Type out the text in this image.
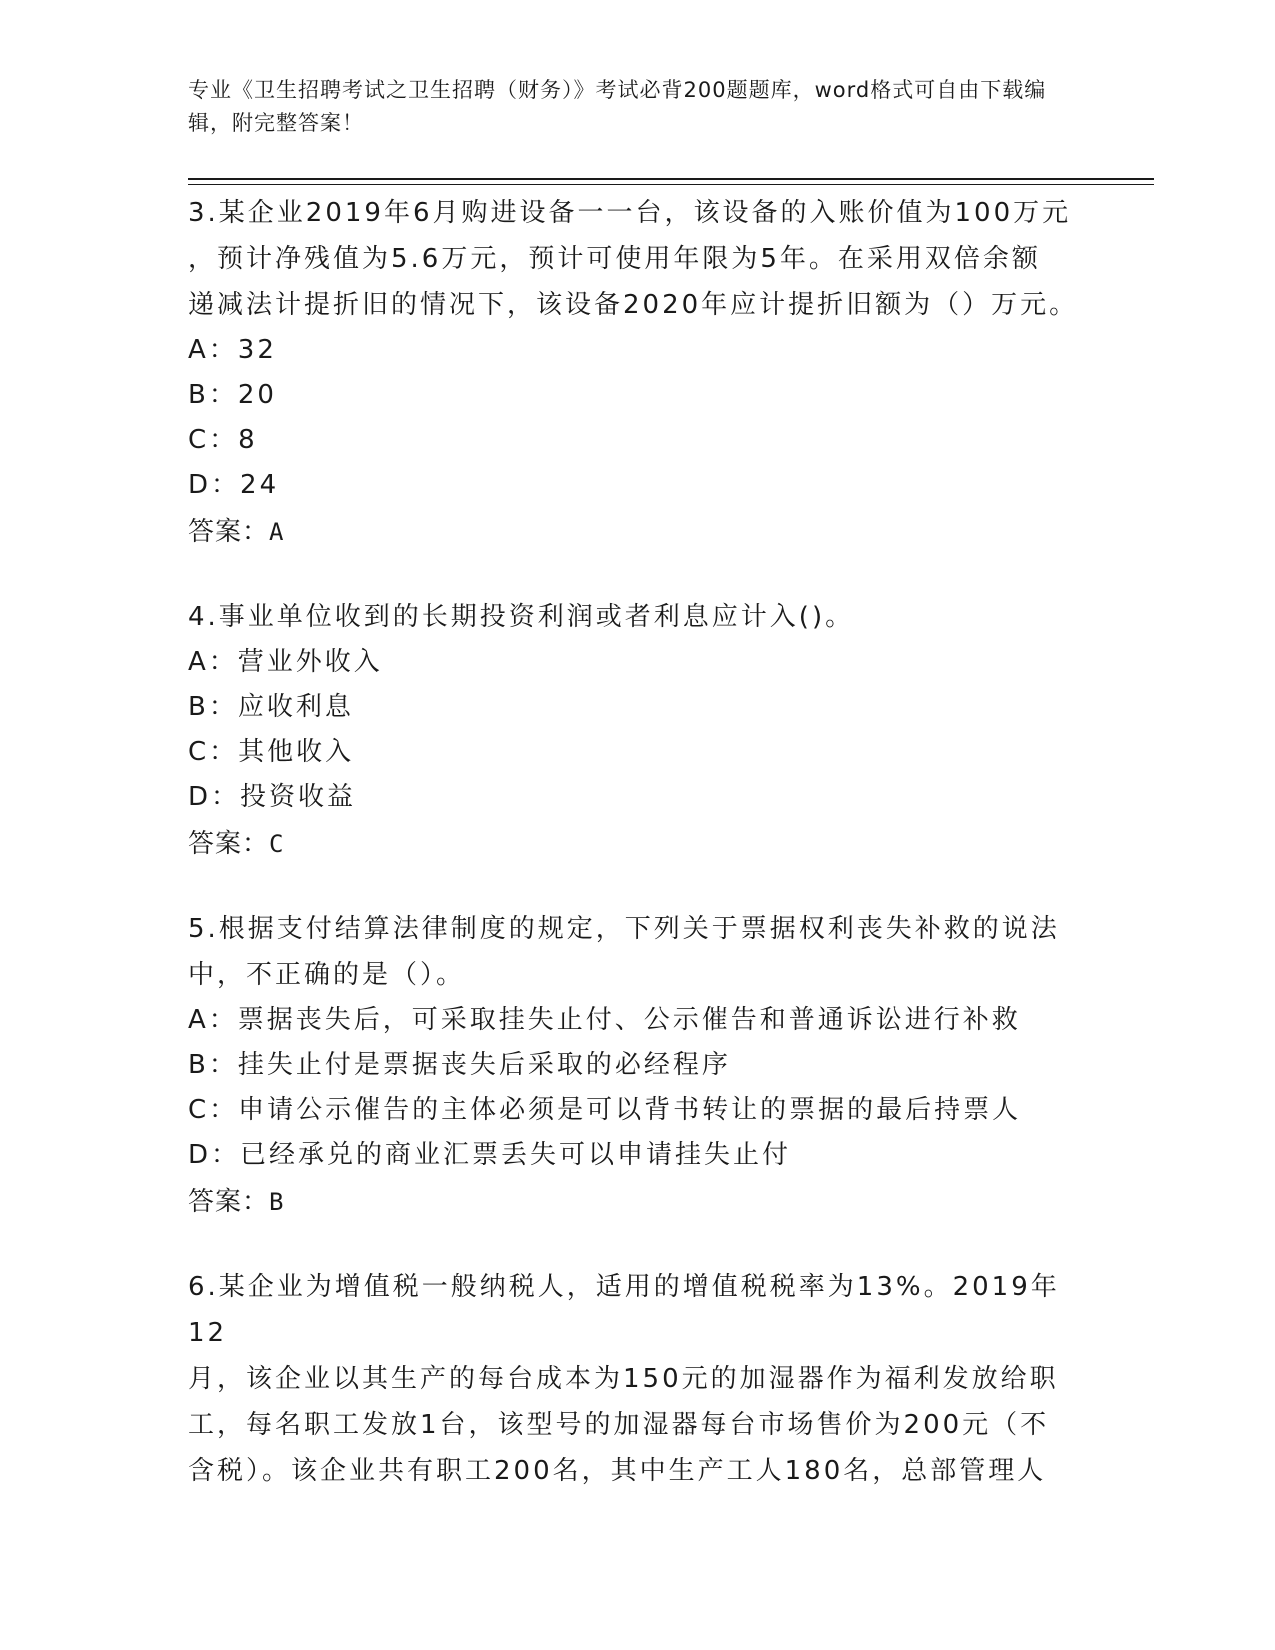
专业《卫生招聘考试之卫生招聘（财务）》考试必背200题题库，word格式可自由下载编辑，附完整答案！
3.某企业2019年6月购进设备一一台，该设备的入账价值为100万元
，预计净残值为5.6万元，预计可使用年限为5年。在采用双倍余额
递减法计提折旧的情况下，该设备2020年应计提折旧额为（）万元。
A：32
B：20
C：8
D：24
答案：A
4.事业单位收到的长期投资利润或者利息应计入()。
A：营业外收入
B：应收利息
C：其他收入
D：投资收益
答案：C
5.根据支付结算法律制度的规定，下列关于票据权利丧失补救的说法
中，不正确的是（）。
A：票据丧失后，可采取挂失止付、公示催告和普通诉讼进行补救
B：挂失止付是票据丧失后采取的必经程序
C：申请公示催告的主体必须是可以背书转让的票据的最后持票人
D：已经承兑的商业汇票丢失可以申请挂失止付
答案：B
6.某企业为增值税一般纳税人，适用的增值税税率为13%。2019年12
月，该企业以其生产的每台成本为150元的加湿器作为福利发放给职
工，每名职工发放1台，该型号的加湿器每台市场售价为200元（不
含税）。该企业共有职工200名，其中生产工人180名，总部管理人
